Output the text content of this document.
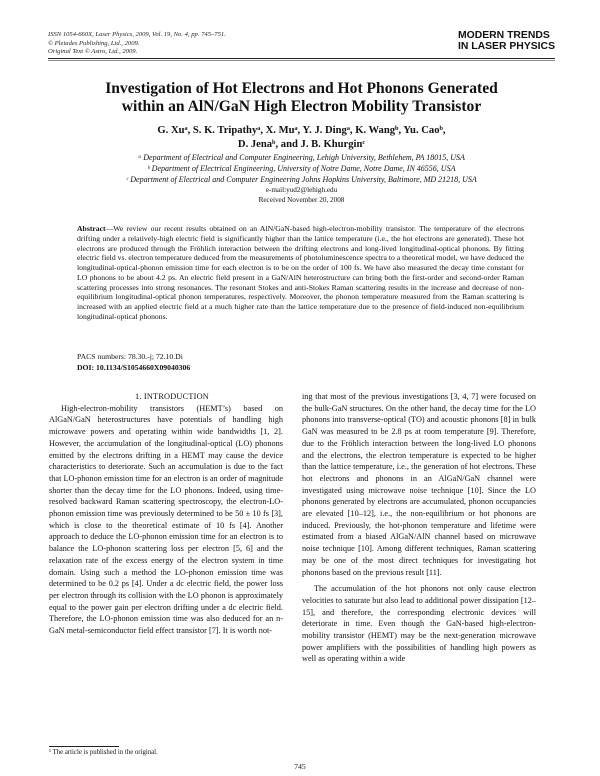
ISSN 1054-660X, Laser Physics, 2009, Vol. 19, No. 4, pp. 745–751.
© Pleiades Publishing, Ltd., 2009.
Original Text © Astro, Ltd., 2009.
MODERN TRENDS
IN LASER PHYSICS
Investigation of Hot Electrons and Hot Phonons Generated
within an AlN/GaN High Electron Mobility Transistor
G. Xuᵃ, S. K. Tripathyᵃ, X. Muᵃ, Y. J. Dingᵃ, K. Wangᵇ, Yu. Caoᵇ,
D. Jenaᵇ, and J. B. Khurginᶜ
ᵃ Department of Electrical and Computer Engineering, Lehigh University, Bethlehem, PA 18015, USA
ᵇ Department of Electrical Engineering, University of Notre Dame, Notre Dame, IN 46556, USA
ᶜ Department of Electrical and Computer Engineering Johns Hopkins University, Baltimore, MD 21218, USA
e-mail:yud2@lehigh.edu
Received November 20, 2008
Abstract—We review our recent results obtained on an AlN/GaN-based high-electron-mobility transistor. The temperature of the electrons drifting under a relatively-high electric field is significantly higher than the lattice temperature (i.e., the hot electrons are generated). These hot electrons are produced through the Fröhlich interaction between the drifting electrons and long-lived longitudinal-optical phonons. By fitting electric field vs. electron temperature deduced from the measurements of photoluminescence spectra to a theoretical model, we have deduced the longitudinal-optical-phonon emission time for each electron is to be on the order of 100 fs. We have also measured the decay time constant for LO phonons to be about 4.2 ps. An electric field present in a GaN/AlN heterostructure can bring both the first-order and second-order Raman scattering processes into strong resonances. The resonant Stokes and anti-Stokes Raman scattering results in the increase and decrease of non-equilibrium longitudinal-optical phonon temperatures, respectively. Moreover, the phonon temperature measured from the Raman scattering is increased with an applied electric field at a much higher rate than the lattice temperature due to the presence of field-induced non-equilibrium longitudinal-optical phonons.
PACS numbers: 78.30.-j; 72.10.Di
DOI: 10.1134/S1054660X09040306

1. INTRODUCTION

High-electron-mobility transistors (HEMT’s) based on AlGaN/GaN heterostructures have potentials of handling high microwave powers and operating within wide bandwidths [1, 2]. However, the accumulation of the longitudinal-optical (LO) phonons emitted by the electrons drifting in a HEMT may cause the device characteristics to deteriorate. Such an accumulation is due to the fact that LO-phonon emission time for an electron is an order of magnitude shorter than the decay time for the LO phonons. Indeed, using time-resolved backward Raman scattering spectroscopy, the electron-LO-phonon emission time was previously determined to be 50 ± 10 fs [3], which is close to the theoretical estimate of 10 fs [4]. Another approach to deduce the LO-phonon emission time for an electron is to balance the LO-phonon scattering loss per electron [5, 6] and the relaxation rate of the excess energy of the electron system in time domain. Using such a method the LO-phonon emission time was determined to be 0.2 ps [4]. Under a dc electric field, the power loss per electron through its collision with the LO phonon is approximately equal to the power gain per electron drifting under a dc electric field. Therefore, the LO-phonon emission time was also deduced for an n-GaN metal-semiconductor field effect transistor [7]. It is worth not-

ing that most of the previous investigations [3, 4, 7] were focused on the bulk-GaN structures. On the other hand, the decay time for the LO phonons into transverse-optical (TO) and acoustic phonons [8] in bulk GaN was measured to be 2.8 ps at room temperature [9]. Therefore, due to the Fröhlich interaction between the long-lived LO phonons and the electrons, the electron temperature is expected to be higher than the lattice temperature, i.e., the generation of hot electrons. These hot electrons and phonons in an AlGaN/GaN channel were investigated using microwave noise technique [10]. Since the LO phonons generated by electrons are accumulated, phonon occupancies are elevated [10–12], i.e., the non-equilibrium or hot phonons are induced. Previously, the hot-phonon temperature and lifetime were estimated from a biased AlGaN/AlN channel based on microwave noise technique [10]. Among different techniques, Raman scattering may be one of the most direct techniques for investigating hot phonons based on the previous result [11].

The accumulation of the hot phonons not only cause electron velocities to saturate but also lead to additional power dissipation [12–15], and therefore, the corresponding electronic devices will deteriorate in time. Even though the GaN-based high-electron-mobility transistor (HEMT) may be the next-generation microwave power amplifiers with the possibilities of handling high powers as well as operating within a wide

¹ The article is published in the original.
745
